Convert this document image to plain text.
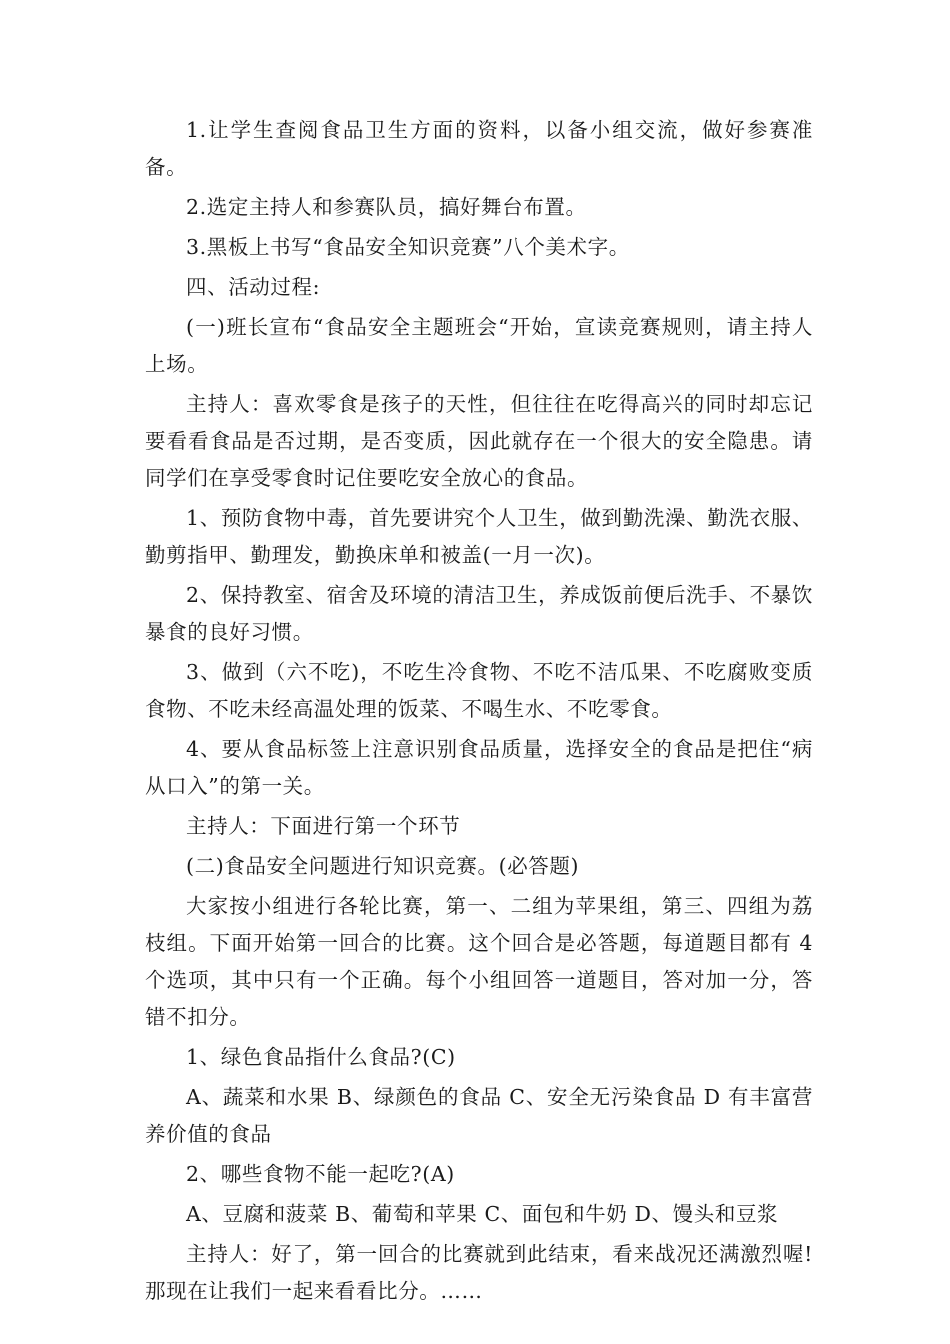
1.让学生查阅食品卫生方面的资料，以备小组交流，做好参赛准备。

2.选定主持人和参赛队员，搞好舞台布置。

3.黑板上书写“食品安全知识竞赛”八个美术字。

四、活动过程:

(一)班长宣布“食品安全主题班会“开始，宣读竞赛规则，请主持人上场。

主持人：喜欢零食是孩子的天性，但往往在吃得高兴的同时却忘记要看看食品是否过期，是否变质，因此就存在一个很大的安全隐患。请同学们在享受零食时记住要吃安全放心的食品。

1、预防食物中毒，首先要讲究个人卫生，做到勤洗澡、勤洗衣服、勤剪指甲、勤理发，勤换床单和被盖(一月一次)。

2、保持教室、宿舍及环境的清洁卫生，养成饭前便后洗手、不暴饮暴食的良好习惯。

3、做到（六不吃)，不吃生冷食物、不吃不洁瓜果、不吃腐败变质食物、不吃未经高温处理的饭菜、不喝生水、不吃零食。

4、要从食品标签上注意识别食品质量，选择安全的食品是把住“病从口入”的第一关。

主持人：下面进行第一个环节

(二)食品安全问题进行知识竞赛。(必答题)

大家按小组进行各轮比赛，第一、二组为苹果组，第三、四组为荔枝组。下面开始第一回合的比赛。这个回合是必答题，每道题目都有 4 个选项，其中只有一个正确。每个小组回答一道题目，答对加一分，答错不扣分。

1、绿色食品指什么食品?(C)

A、蔬菜和水果 B、绿颜色的食品 C、安全无污染食品 D 有丰富营养价值的食品

2、哪些食物不能一起吃?(A)

A、豆腐和菠菜 B、葡萄和苹果 C、面包和牛奶 D、馒头和豆浆

主持人：好了，第一回合的比赛就到此结束，看来战况还满激烈喔!那现在让我们一起来看看比分。……
